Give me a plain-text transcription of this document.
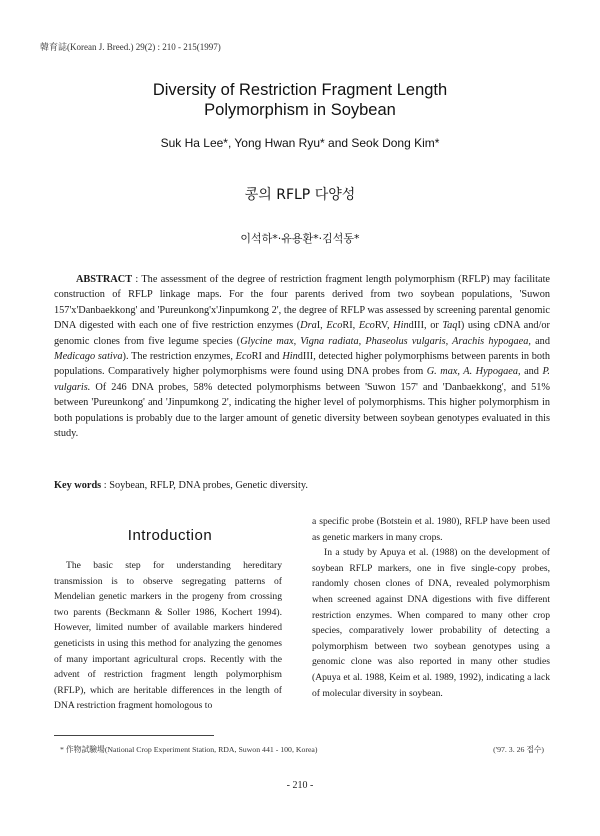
韓育誌(Korean J. Breed.) 29(2) : 210 - 215(1997)
Diversity of Restriction Fragment Length
Polymorphism in Soybean
Suk Ha Lee*, Yong Hwan Ryu* and Seok Dong Kim*
콩의 RFLP 다양성
이석하*·유용환*·김석동*
ABSTRACT : The assessment of the degree of restriction fragment length polymorphism (RFLP) may facilitate construction of RFLP linkage maps. For the four parents derived from two soybean populations, 'Suwon 157'x'Danbaekkong' and 'Pureunkong'x'Jinpumkong 2', the degree of RFLP was assessed by screening parental genomic DNA digested with each one of five restriction enzymes (DraI, EcoRI, EcoRV, HindIII, or TaqI) using cDNA and/or genomic clones from five legume species (Glycine max, Vigna radiata, Phaseolus vulgaris, Arachis hypogaea, and Medicago sativa). The restriction enzymes, EcoRI and HindIII, detected higher polymorphisms between parents in both populations. Comparatively higher polymorphisms were found using DNA probes from G. max, A. Hypogaea, and P. vulgaris. Of 246 DNA probes, 58% detected polymorphisms between 'Suwon 157' and 'Danbaekkong', and 51% between 'Pureunkong' and 'Jinpumkong 2', indicating the higher level of polymorphisms. This higher polymorphism in both populations is probably due to the larger amount of genetic diversity between soybean genotypes evaluated in this study.
Key words : Soybean, RFLP, DNA probes, Genetic diversity.
Introduction
The basic step for understanding hereditary transmission is to observe segregating patterns of Mendelian genetic markers in the progeny from crossing two parents (Beckmann & Soller 1986, Kochert 1994). However, limited number of available markers hindered geneticists in using this method for analyzing the genomes of many important agricultural crops. Recently with the advent of restriction fragment length polymorphism (RFLP), which are heritable differences in the length of DNA restriction fragment homologous to

a specific probe (Botstein et al. 1980), RFLP have been used as genetic markers in many crops.

In a study by Apuya et al. (1988) on the development of soybean RFLP markers, one in five single-copy probes, randomly chosen clones of DNA, revealed polymorphism when screened against DNA digestions with five different restriction enzymes. When compared to many other crop species, comparatively lower probability of detecting a polymorphism between two soybean genotypes using a genomic clone was also reported in many other studies (Apuya et al. 1988, Keim et al. 1989, 1992), indicating a lack of molecular diversity in soybean.

* 作物試驗場(National Crop Experiment Station, RDA, Suwon 441 - 100, Korea)	('97. 3. 26 접수)
- 210 -
